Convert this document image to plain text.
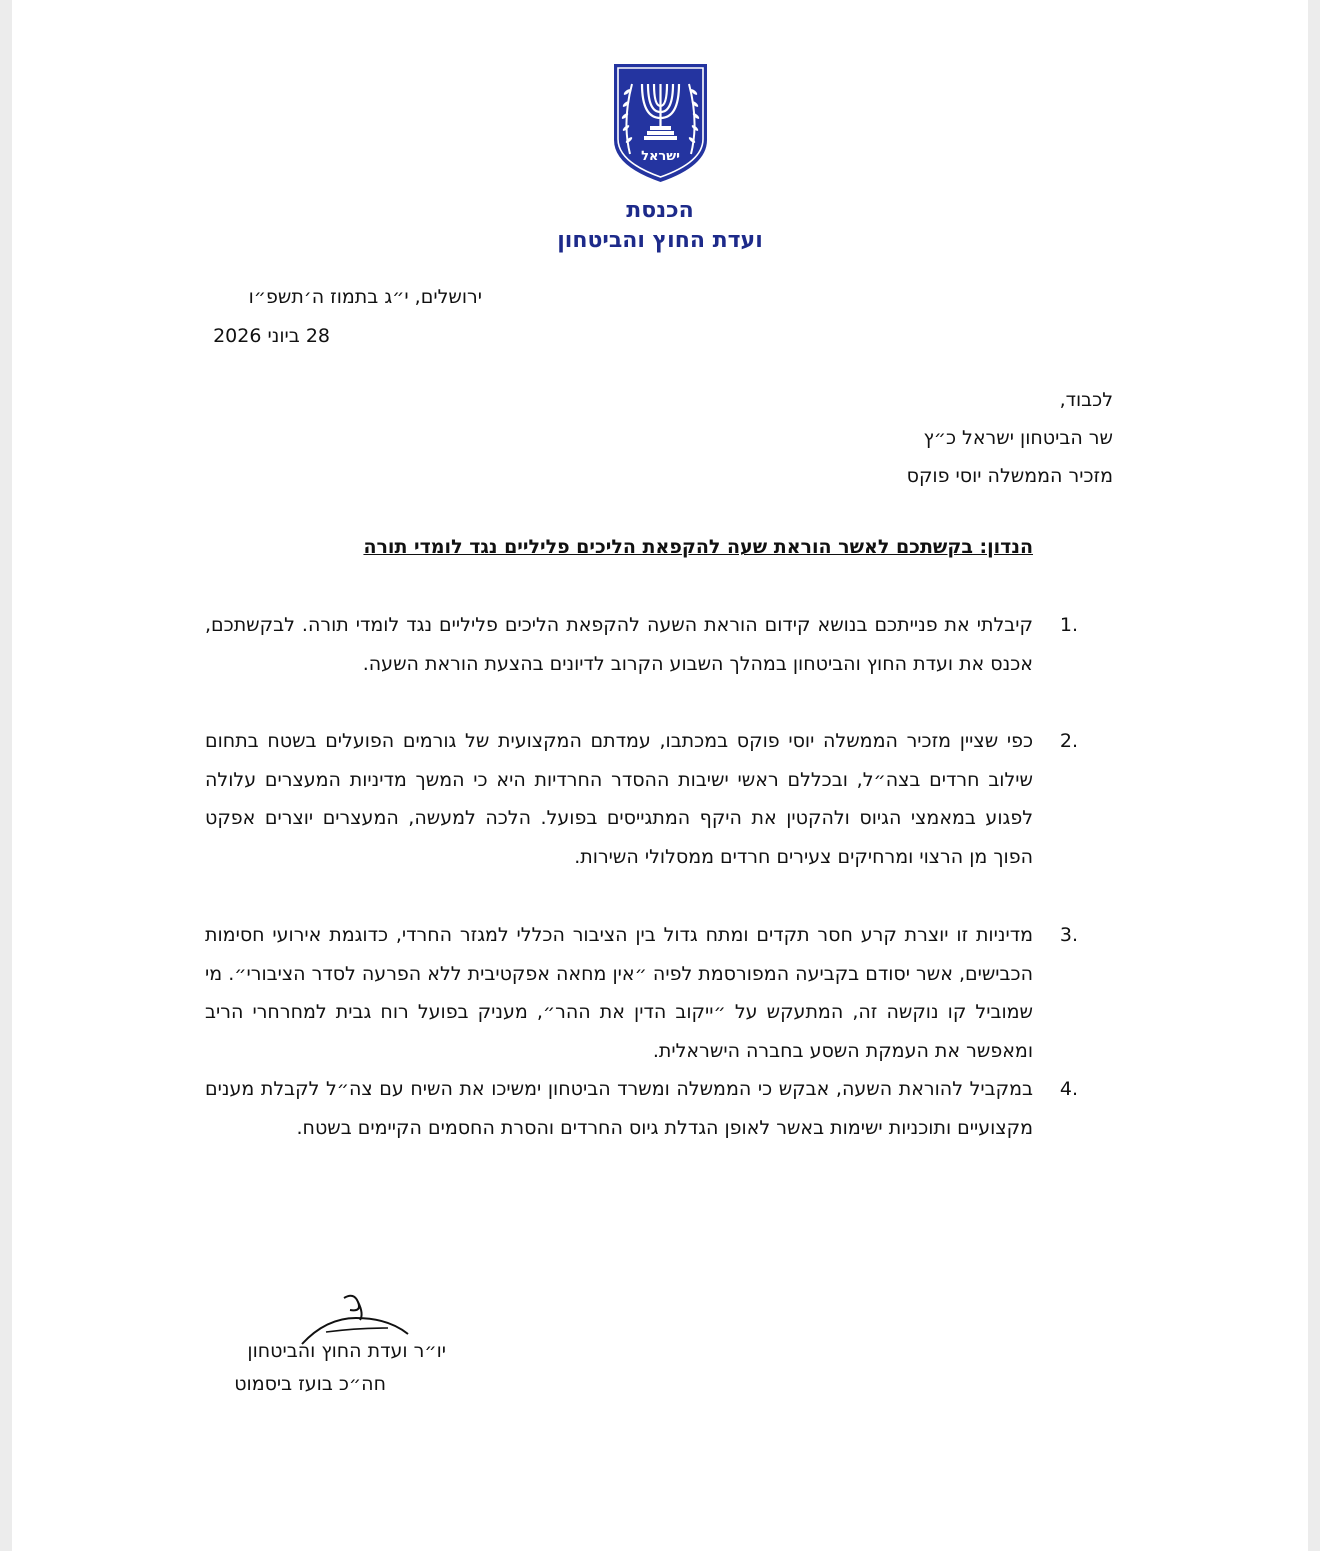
ישראל
הכנסת
ועדת החוץ והביטחון
ירושלים, י״ג בתמוז ה׳תשפ״ו
28 ביוני 2026
לכבוד,
שר הביטחון ישראל כ״ץ
מזכיר הממשלה יוסי פוקס
הנדון: בקשתכם לאשר הוראת שעה להקפאת הליכים פליליים נגד לומדי תורה
1.
קיבלתי את פנייתכם בנושא קידום הוראת השעה להקפאת הליכים פליליים נגד לומדי תורה. לבקשתכם, אכנס את ועדת החוץ והביטחון במהלך השבוע הקרוב לדיונים בהצעת הוראת השעה.
2.
כפי שציין מזכיר הממשלה יוסי פוקס במכתבו, עמדתם המקצועית של גורמים הפועלים בשטח בתחום שילוב חרדים בצה״ל, ובכללם ראשי ישיבות ההסדר החרדיות היא כי המשך מדיניות המעצרים עלולה לפגוע במאמצי הגיוס ולהקטין את היקף המתגייסים בפועל. הלכה למעשה, המעצרים יוצרים אפקט הפוך מן הרצוי ומרחיקים צעירים חרדים ממסלולי השירות.
3.
מדיניות זו יוצרת קרע חסר תקדים ומתח גדול בין הציבור הכללי למגזר החרדי, כדוגמת אירועי חסימות הכבישים, אשר יסודם בקביעה המפורסמת לפיה ״אין מחאה אפקטיבית ללא הפרעה לסדר הציבורי״. מי שמוביל קו נוקשה זה, המתעקש על ״ייקוב הדין את ההר״, מעניק בפועל רוח גבית למחרחרי הריב ומאפשר את העמקת השסע בחברה הישראלית.
4.
במקביל להוראת השעה, אבקש כי הממשלה ומשרד הביטחון ימשיכו את השיח עם צה״ל לקבלת מענים מקצועיים ותוכניות ישימות באשר לאופן הגדלת גיוס החרדים והסרת החסמים הקיימים בשטח.
יו״ר ועדת החוץ והביטחון
חה״כ בועז ביסמוט
